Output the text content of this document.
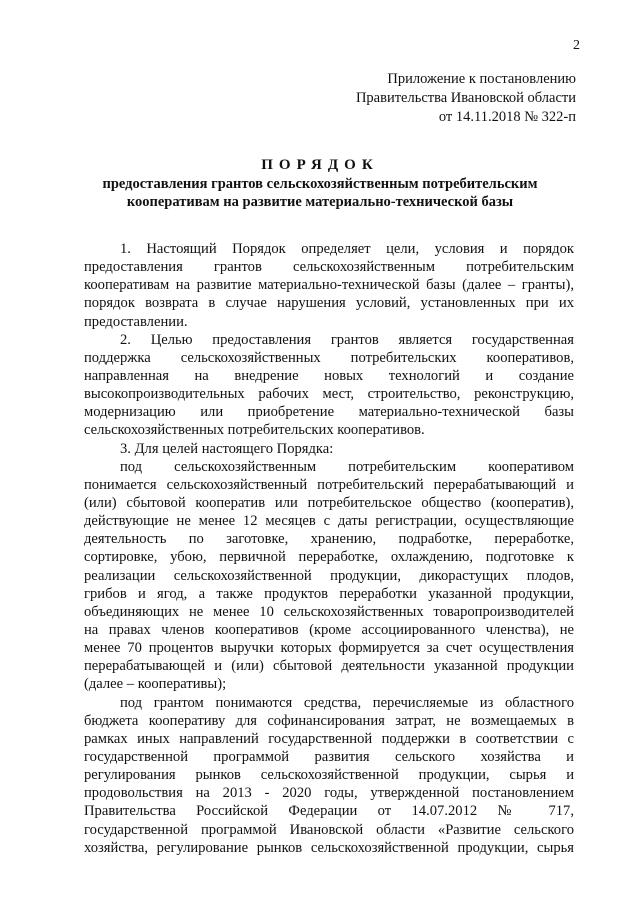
2
Приложение к постановлению
Правительства Ивановской области
от 14.11.2018 № 322-п
ПОРЯДОК
предоставления грантов сельскохозяйственным потребительским
кооперативам на развитие материально-технической базы
1. Настоящий Порядок определяет цели, условия и порядок
предоставления грантов сельскохозяйственным потребительским
кооперативам на развитие материально-технической базы (далее – гранты),
порядок возврата в случае нарушения условий, установленных при их
предоставлении.
2. Целью предоставления грантов является государственная
поддержка сельскохозяйственных потребительских кооперативов,
направленная на внедрение новых технологий и создание
высокопроизводительных рабочих мест, строительство, реконструкцию,
модернизацию или приобретение материально-технической базы
сельскохозяйственных потребительских кооперативов.
3. Для целей настоящего Порядка:
под сельскохозяйственным потребительским кооперативом
понимается сельскохозяйственный потребительский перерабатывающий и
(или) сбытовой кооператив или потребительское общество (кооператив),
действующие не менее 12 месяцев с даты регистрации, осуществляющие
деятельность по заготовке, хранению, подработке, переработке,
сортировке, убою, первичной переработке, охлаждению, подготовке к
реализации сельскохозяйственной продукции, дикорастущих плодов,
грибов и ягод, а также продуктов переработки указанной продукции,
объединяющих не менее 10 сельскохозяйственных товаропроизводителей
на правах членов кооперативов (кроме ассоциированного членства), не
менее 70 процентов выручки которых формируется за счет осуществления
перерабатывающей и (или) сбытовой деятельности указанной продукции
(далее – кооперативы);
под грантом понимаются средства, перечисляемые из областного
бюджета кооперативу для софинансирования затрат, не возмещаемых в
рамках иных направлений государственной поддержки в соответствии с
государственной программой развития сельского хозяйства и
регулирования рынков сельскохозяйственной продукции, сырья и
продовольствия на 2013 - 2020 годы, утвержденной постановлением
Правительства Российской Федерации от 14.07.2012 № 717,
государственной программой Ивановской области «Развитие сельского
хозяйства, регулирование рынков сельскохозяйственной продукции, сырья
